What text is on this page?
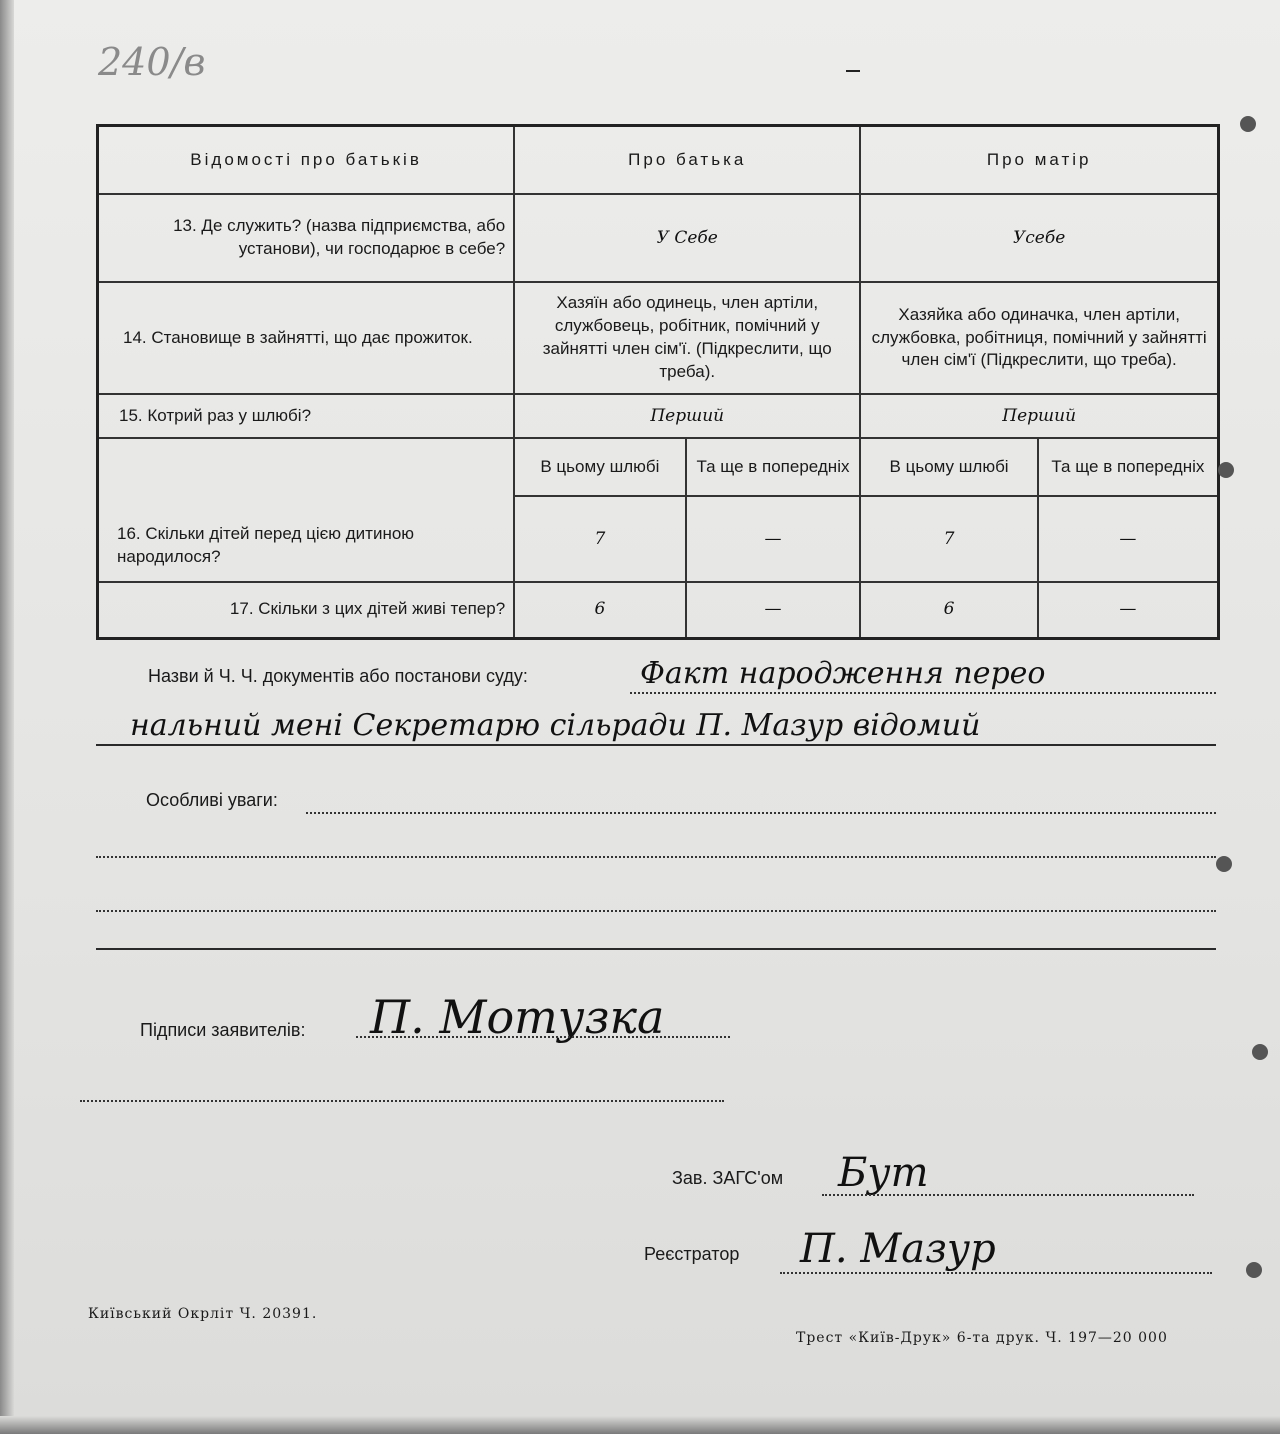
240/в
Відомості про батьків	Про батька		Про матір	
13. Де служить? (назва підприємства, або установи), чи господарює в себе?	У Себе		Усебе	
14. Становище в зайнятті, що дає прожиток.	Хазяїн або одинець, член артіли, службовець, робітник, помічний у зайнятті член сім'ї. (Підкреслити, що треба).		Хазяйка або одиначка, член артіли, службовка, робітниця, помічний у зайнятті член сім'ї (Підкреслити, що треба).	
15. Котрий раз у шлюбі?	Перший		Перший	
16. Скільки дітей перед цією дитиною народилося?	В цьому шлюбі	Та ще в попередніх	В цьому шлюбі	Та ще в попередніх
	7	—	7	—
17. Скільки з цих дітей живі тепер?	6	—	6	—
Назви й Ч. Ч. документів або постанови суду:	Факт народження перео
нальний мені Секретарю сільради П. Мазур відомий
Особливі уваги:
Підписи заявителів: П. Мотузка
Зав. ЗАГС'ом Бут
Реєстратор П. Мазур
Київський Окрліт Ч. 20391.
Трест «Київ-Друк» 6-та друк. Ч. 197—20 000
